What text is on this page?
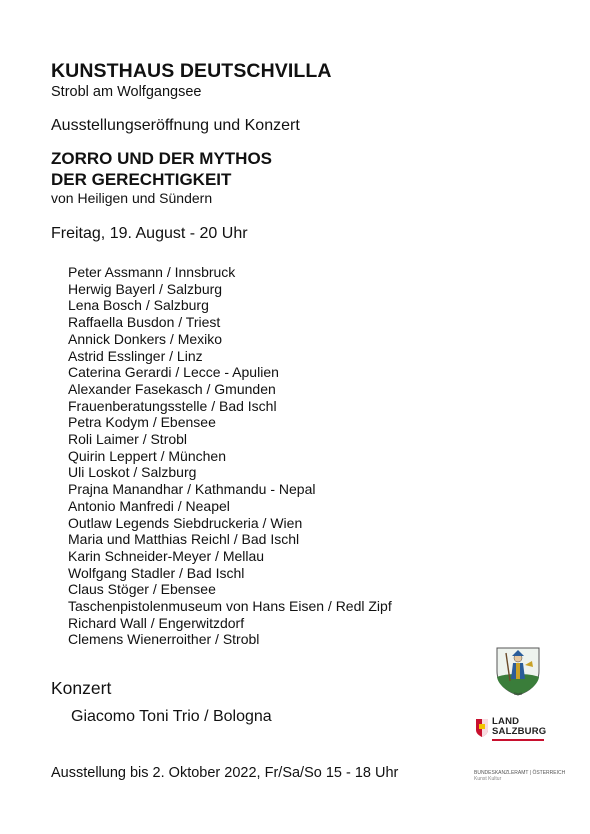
KUNSTHAUS DEUTSCHVILLA
Strobl am Wolfgangsee
Ausstellungseröffnung und Konzert
ZORRO UND DER MYTHOS
DER GERECHTIGKEIT
von Heiligen und Sündern
Freitag, 19. August - 20 Uhr
Peter Assmann / Innsbruck
Herwig Bayerl / Salzburg
Lena Bosch / Salzburg
Raffaella Busdon / Triest
Annick Donkers / Mexiko
Astrid Esslinger / Linz
Caterina Gerardi / Lecce - Apulien
Alexander Fasekasch / Gmunden
Frauenberatungsstelle / Bad Ischl
Petra Kodym / Ebensee
Roli Laimer / Strobl
Quirin Leppert / München
Uli Loskot / Salzburg
Prajna Manandhar / Kathmandu - Nepal
Antonio Manfredi / Neapel
Outlaw Legends Siebdruckeria / Wien
Maria und Matthias Reichl / Bad Ischl
Karin Schneider-Meyer / Mellau
Wolfgang Stadler / Bad Ischl
Claus Stöger / Ebensee
Taschenpistolenmuseum von Hans Eisen / Redl Zipf
Richard Wall / Engerwitzdorf
Clemens Wienerroither / Strobl
Konzert
Giacomo Toni Trio / Bologna
Ausstellung bis 2. Oktober 2022, Fr/Sa/So 15 - 18 Uhr
Strobl
LAND
SALZBURG
BUNDESKANZLERAMT | ÖSTERREICH
Kunst Kultur
